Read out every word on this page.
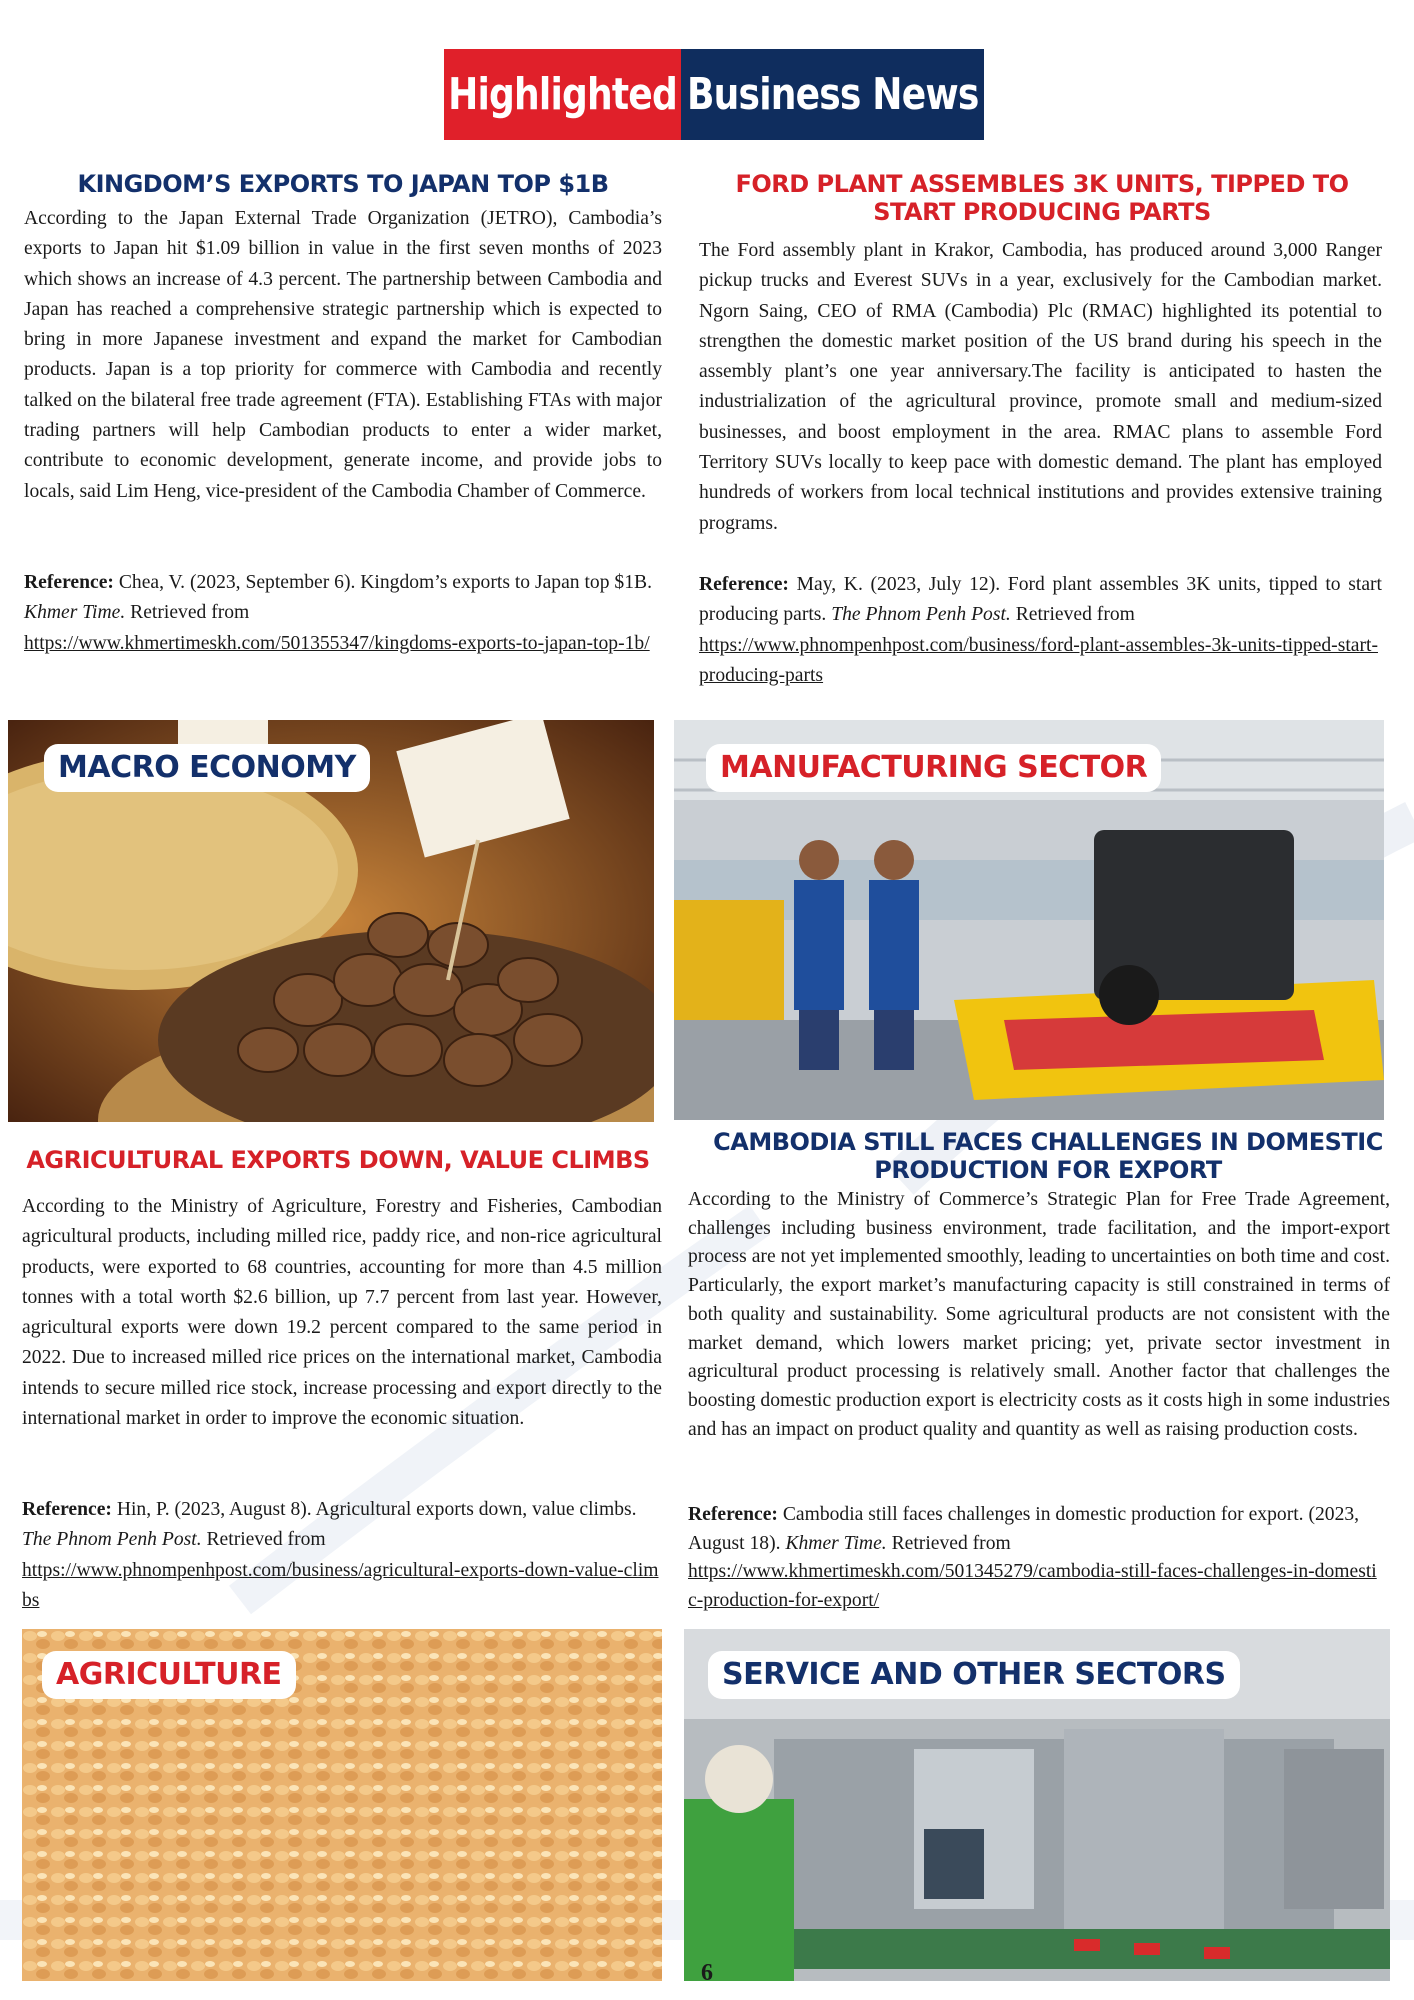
Highlighted Business News
KINGDOM’S EXPORTS TO JAPAN TOP $1B
According to the Japan External Trade Organization (JETRO), Cambodia’s exports to Japan hit $1.09 billion in value in the first seven months of 2023 which shows an increase of 4.3 percent. The partnership between Cambodia and Japan has reached a comprehensive strategic partnership which is expected to bring in more Japanese investment and expand the market for Cambodian products. Japan is a top priority for commerce with Cambodia and recently talked on the bilateral free trade agreement (FTA). Establishing FTAs with major trading partners will help Cambodian products to enter a wider market, contribute to economic development, generate income, and provide jobs to locals, said Lim Heng, vice-president of the Cambodia Chamber of Commerce.
Reference: Chea, V. (2023, September 6). Kingdom’s exports to Japan top $1B. Khmer Time. Retrieved from
https://www.khmertimeskh.com/501355347/kingdoms-exports-to-japan-top-1b/
FORD PLANT ASSEMBLES 3K UNITS, TIPPED TO START PRODUCING PARTS
The Ford assembly plant in Krakor, Cambodia, has produced around 3,000 Ranger pickup trucks and Everest SUVs in a year, exclusively for the Cambodian market. Ngorn Saing, CEO of RMA (Cambodia) Plc (RMAC) highlighted its potential to strengthen the domestic market position of the US brand during his speech in the assembly plant’s one year anniversary.The facility is anticipated to hasten the industrialization of the agricultural province, promote small and medium-sized businesses, and boost employment in the area. RMAC plans to assemble Ford Territory SUVs locally to keep pace with domestic demand. The plant has employed hundreds of workers from local technical institutions and provides extensive training programs.
Reference: May, K. (2023, July 12). Ford plant assembles 3K units, tipped to start producing parts. The Phnom Penh Post. Retrieved from
https://www.phnompenhpost.com/business/ford-plant-assembles-3k-units-tipped-start-producing-parts
MACRO ECONOMY	MANUFACTURING SECTOR
AGRICULTURAL EXPORTS DOWN, VALUE CLIMBS
According to the Ministry of Agriculture, Forestry and Fisheries, Cambodian agricultural products, including milled rice, paddy rice, and non-rice agricultural products, were exported to 68 countries, accounting for more than 4.5 million tonnes with a total worth $2.6 billion, up 7.7 percent from last year. However, agricultural exports were down 19.2 percent compared to the same period in 2022. Due to increased milled rice prices on the international market, Cambodia intends to secure milled rice stock, increase processing and export directly to the international market in order to improve the economic situation.
Reference: Hin, P. (2023, August 8). Agricultural exports down, value climbs. The Phnom Penh Post. Retrieved from
https://www.phnompenhpost.com/business/agricultural-exports-down-value-climbs
CAMBODIA STILL FACES CHALLENGES IN DOMESTIC PRODUCTION FOR EXPORT
According to the Ministry of Commerce’s Strategic Plan for Free Trade Agreement, challenges including business environment, trade facilitation, and the import-export process are not yet implemented smoothly, leading to uncertainties on both time and cost. Particularly, the export market’s manufacturing capacity is still constrained in terms of both quality and sustainability. Some agricultural products are not consistent with the market demand, which lowers market pricing; yet, private sector investment in agricultural product processing is relatively small. Another factor that challenges the boosting domestic production export is electricity costs as it costs high in some industries and has an impact on product quality and quantity as well as raising production costs.
Reference: Cambodia still faces challenges in domestic production for export. (2023, August 18). Khmer Time. Retrieved from
https://www.khmertimeskh.com/501345279/cambodia-still-faces-challenges-in-domestic-production-for-export/
AGRICULTURE	SERVICE AND OTHER SECTORS
6
